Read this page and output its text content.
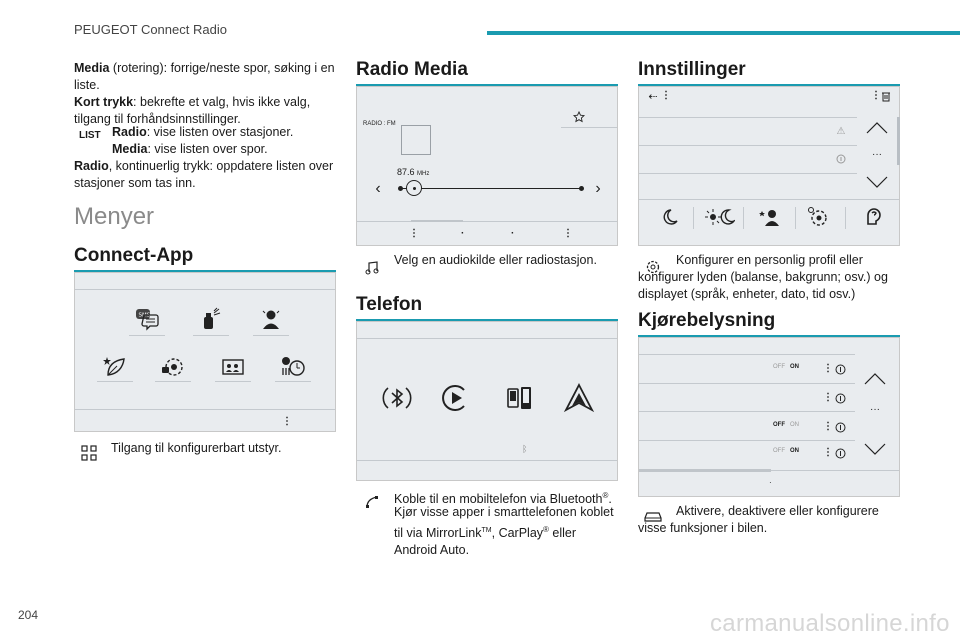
PEUGEOT Connect Radio
Media (rotering): forrige/neste spor, søking i en liste.
Kort trykk: bekrefte et valg, hvis ikke valg, tilgang til forhåndsinnstillinger.
LIST Radio: vise listen over stasjoner.
Media: vise listen over spor.
Radio, kontinuerlig trykk: oppdatere listen over stasjoner som tas inn.
Menyer
Connect-App
SMS
⋮
Tilgang til konfigurerbart utstyr.
Radio Media
RADIO : FM
87.6 MHz
‹	›
⋮	·	·	⋮
Velg en audiokilde eller radiostasjon.
Telefon
ᛒ
Koble til en mobiltelefon via Bluetooth®.
Kjør visse apper i smarttelefonen koblet til via MirrorLink™, CarPlay® eller Android Auto.
Innstillinger
⇠ ⋮	⋮
⚠
···
Konfigurer en personlig profil eller konfigurer lyden (balanse, bakgrunn; osv.) og displayet (språk, enheter, dato, tid osv.)
Kjørebelysning
OFF ON
OFF ON
OFF ON
⋮
⋮
⋮
⋮
···
·
Aktivere, deaktivere eller konfigurere visse funksjoner i bilen.
204	carmanualsonline.info
